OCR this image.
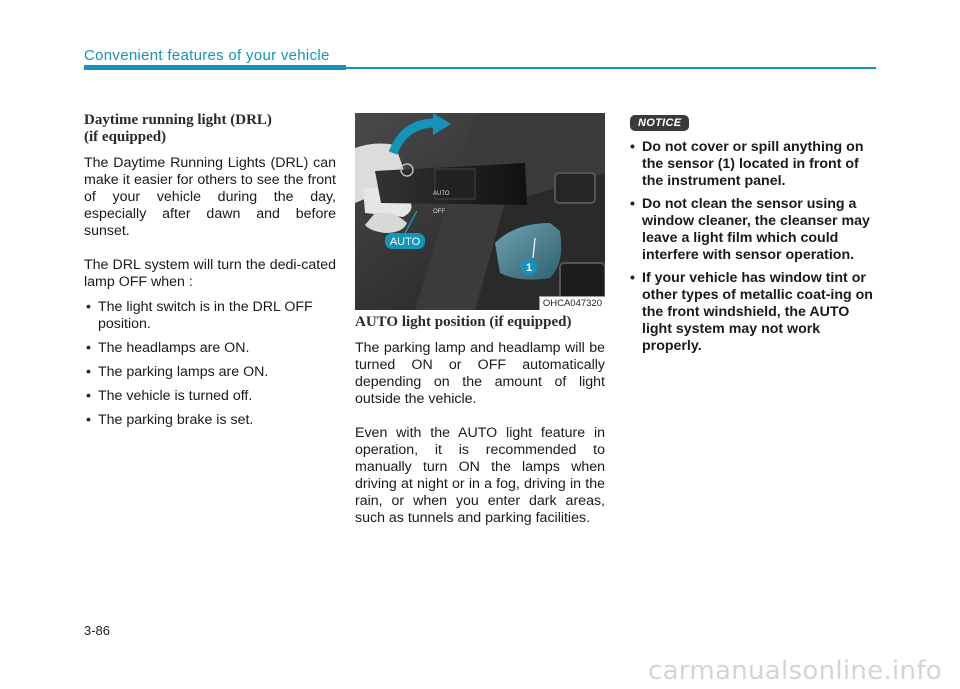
Convenient features of your vehicle
Daytime running light (DRL)
(if equipped)

The Daytime Running Lights (DRL) can make it easier for others to see the front of your vehicle during the day, especially after dawn and before sunset.

The DRL system will turn the dedi-cated lamp OFF when :

• The light switch is in the DRL OFF position.
• The headlamps are ON.
• The parking lamps are ON.
• The vehicle is turned off.
• The parking brake is set.
AUTO
OFF
AUTO
1
OHCA047320
AUTO light position (if equipped)

The parking lamp and headlamp will be turned ON or OFF automatically depending on the amount of light outside the vehicle.

Even with the AUTO light feature in operation, it is recommended to manually turn ON the lamps when driving at night or in a fog, driving in the rain, or when you enter dark areas, such as tunnels and parking facilities.

NOTICE
• Do not cover or spill anything on the sensor (1) located in front of the instrument panel.
• Do not clean the sensor using a window cleaner, the cleanser may leave a light film which could interfere with sensor operation.
• If your vehicle has window tint or other types of metallic coat-ing on the front windshield, the AUTO light system may not work properly.
3-86
carmanualsonline.info
